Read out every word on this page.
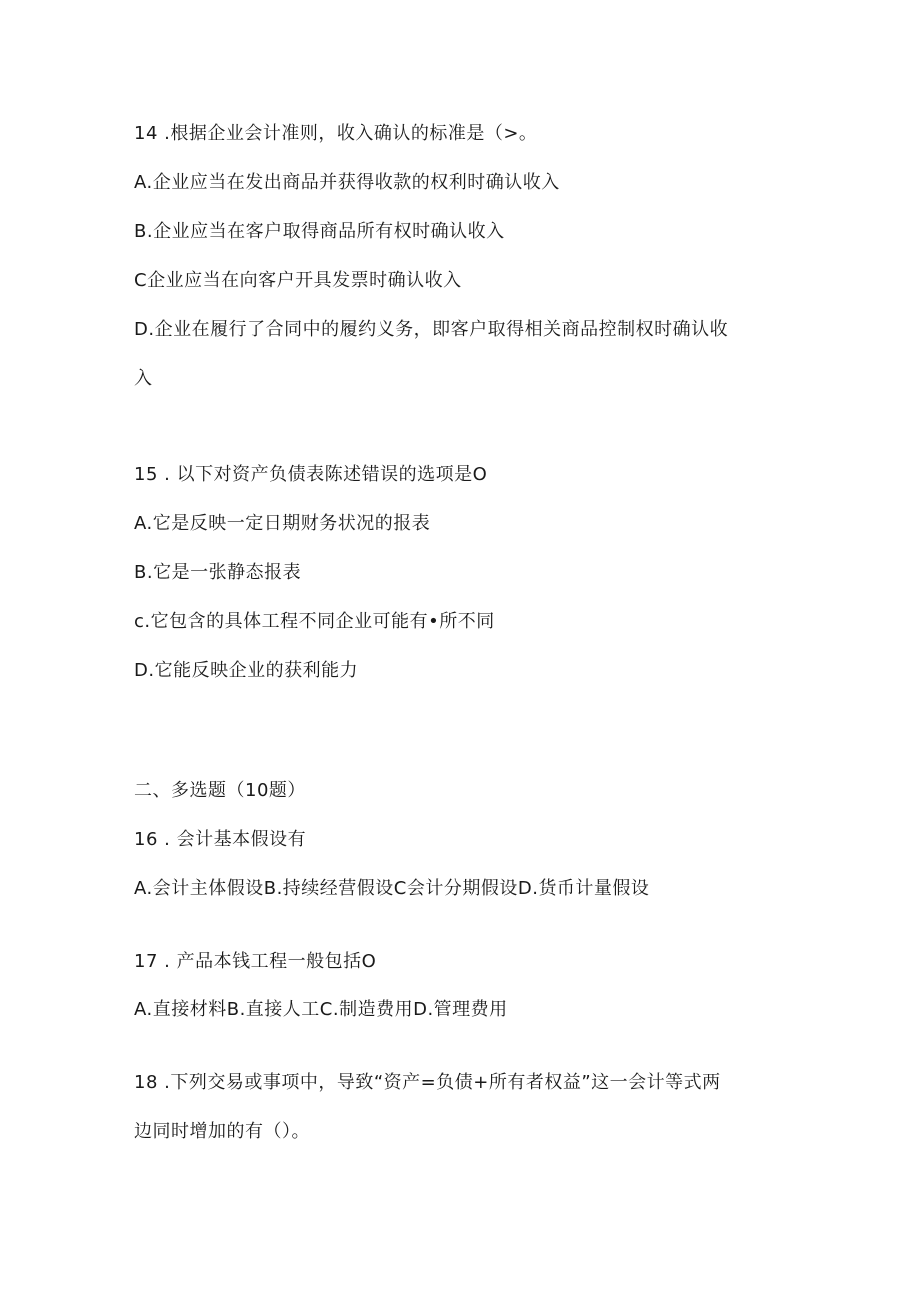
14 .根据企业会计准则，收入确认的标准是（>。
A.企业应当在发出商品并获得收款的权利时确认收入
B.企业应当在客户取得商品所有权时确认收入
C企业应当在向客户开具发票时确认收入
D.企业在履行了合同中的履约义务，即客户取得相关商品控制权时确认收
入
15 . 以下对资产负债表陈述错误的选项是O
A.它是反映一定日期财务状况的报表
B.它是一张静态报表
c.它包含的具体工程不同企业可能有•所不同
D.它能反映企业的获利能力
二、多选题（10题）
16 . 会计基本假设有
A.会计主体假设B.持续经营假设C会计分期假设D.货币计量假设
17 . 产品本钱工程一般包括O
A.直接材料B.直接人工C.制造费用D.管理费用
18 .下列交易或事项中，导致“资产=负债+所有者权益”这一会计等式两
边同时增加的有（）。
